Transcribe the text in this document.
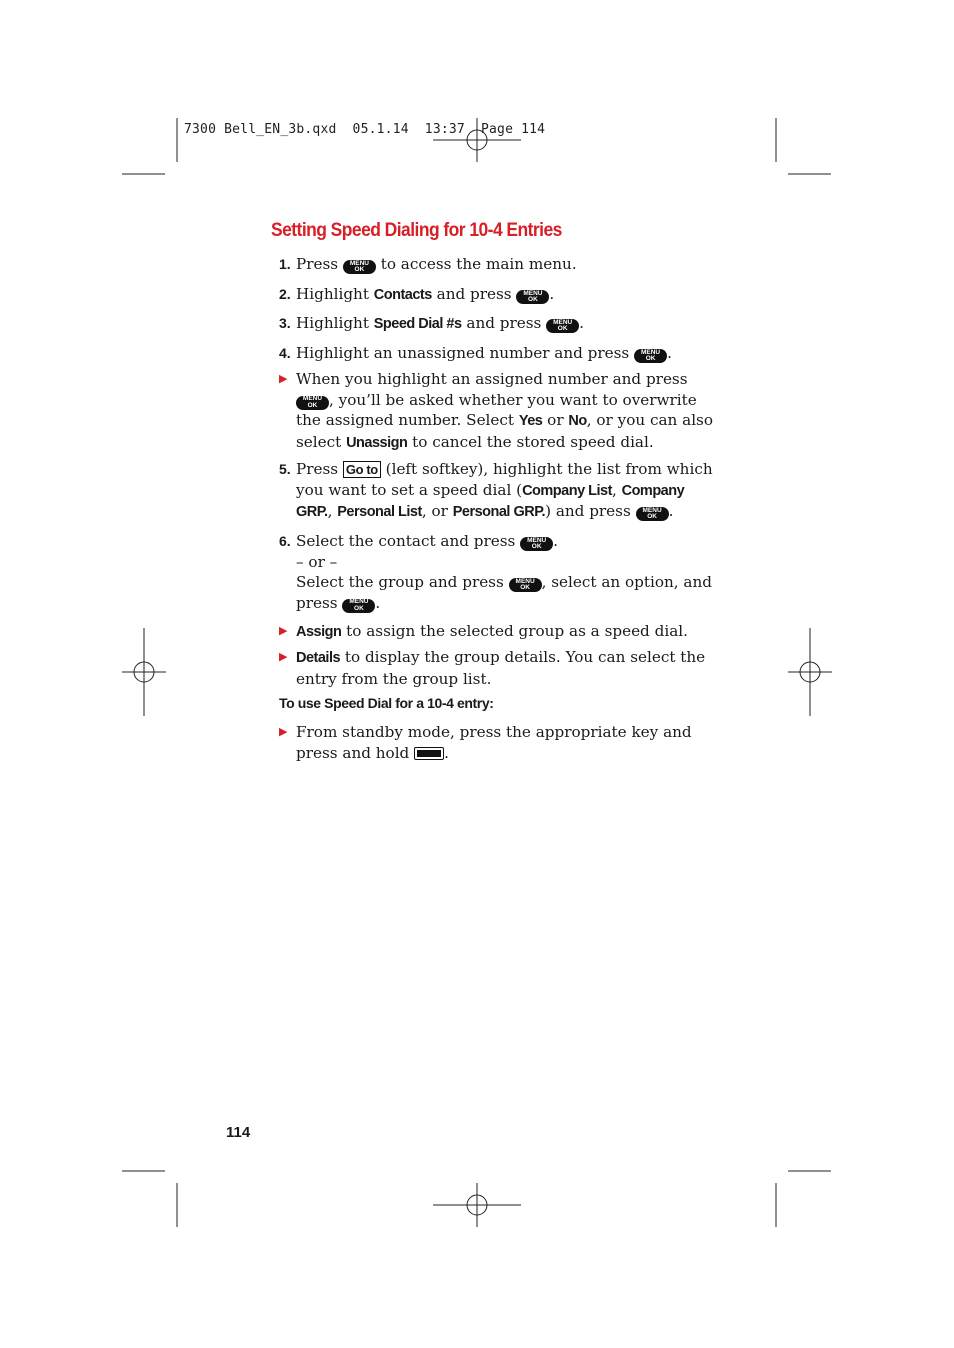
7300 Bell_EN_3b.qxd  05.1.14  13:37  Page 114
Setting Speed Dialing for 10-4 Entries
1. Press	MENU
OK	to access the main menu.
2. Highlight Contacts and press	MENU
OK .
3. Highlight Speed Dial #s and press	MENU
OK .
4. Highlight an unassigned number and press	MENU
OK .
▶ When you highlight an assigned number and press
MENU
OK , you’ll be asked whether you want to overwrite the assigned number. Select Yes or No, or you can also select Unassign to cancel the stored speed dial.
5. Press Go to (left softkey), highlight the list from which you want to set a speed dial (Company List, Company GRP., Personal List, or Personal GRP.) and press	MENU
OK .
6. Select the contact and press	MENU
OK .
– or –
Select the group and press	MENU
OK , select an option, and press	MENU
OK .
▶ Assign to assign the selected group as a speed dial.
▶ Details to display the group details. You can select the entry from the group list.
To use Speed Dial for a 10-4 entry:
▶ From standby mode, press the appropriate key and press and hold .
114
